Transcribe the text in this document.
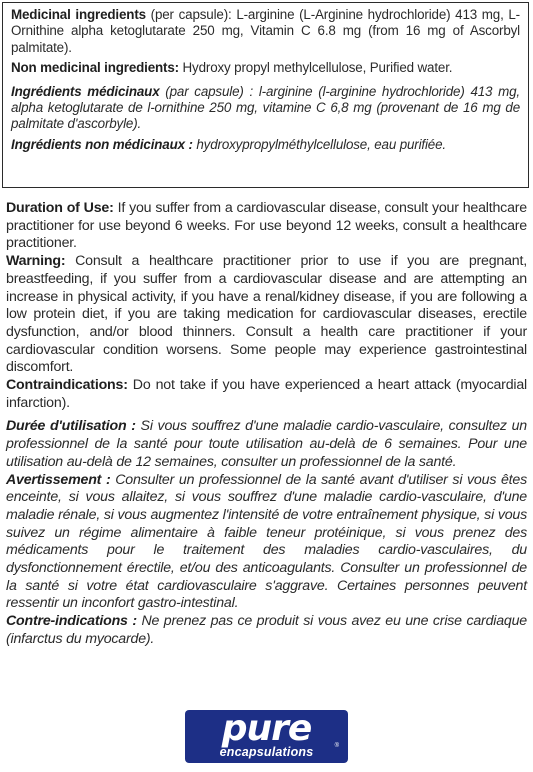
Medicinal ingredients (per capsule): L-arginine (L-Arginine hydrochloride) 413 mg, L-Ornithine alpha ketoglutarate 250 mg, Vitamin C 6.8 mg (from 16 mg of Ascorbyl palmitate).

Non medicinal ingredients: Hydroxy propyl methylcellulose, Purified water.

Ingrédients médicinaux (par capsule) : l-arginine (l-arginine hydrochloride) 413 mg, alpha ketoglutarate de l-ornithine 250 mg, vitamine C 6,8 mg (provenant de 16 mg de palmitate d'ascorbyle).

Ingrédients non médicinaux : hydroxypropylméthylcellulose, eau purifiée.

Duration of Use: If you suffer from a cardiovascular disease, consult your healthcare practitioner for use beyond 6 weeks. For use beyond 12 weeks, consult a healthcare practitioner.

Warning: Consult a healthcare practitioner prior to use if you are pregnant, breastfeeding, if you suffer from a cardiovascular disease and are attempting an increase in physical activity, if you have a renal/kidney disease, if you are following a low protein diet, if you are taking medication for cardiovascular diseases, erectile dysfunction, and/or blood thinners. Consult a health care practitioner if your cardiovascular condition worsens. Some people may experience gastrointestinal discomfort.

Contraindications: Do not take if you have experienced a heart attack (myocardial infarction).

Durée d'utilisation : Si vous souffrez d'une maladie cardio-vasculaire, consultez un professionnel de la santé pour toute utilisation au-delà de 6 semaines. Pour une utilisation au-delà de 12 semaines, consulter un professionnel de la santé.

Avertissement : Consulter un professionnel de la santé avant d'utiliser si vous êtes enceinte, si vous allaitez, si vous souffrez d'une maladie cardio-vasculaire, d'une maladie rénale, si vous augmentez l'intensité de votre entraînement physique, si vous suivez un régime alimentaire à faible teneur protéinique, si vous prenez des médicaments pour le traitement des maladies cardio-vasculaires, du dysfonctionnement érectile, et/ou des anticoagulants. Consulter un professionnel de la santé si votre état cardiovasculaire s'aggrave. Certaines personnes peuvent ressentir un inconfort gastro-intestinal.

Contre-indications : Ne prenez pas ce produit si vous avez eu une crise cardiaque (infarctus du myocarde).

pure
encapsulations	®
